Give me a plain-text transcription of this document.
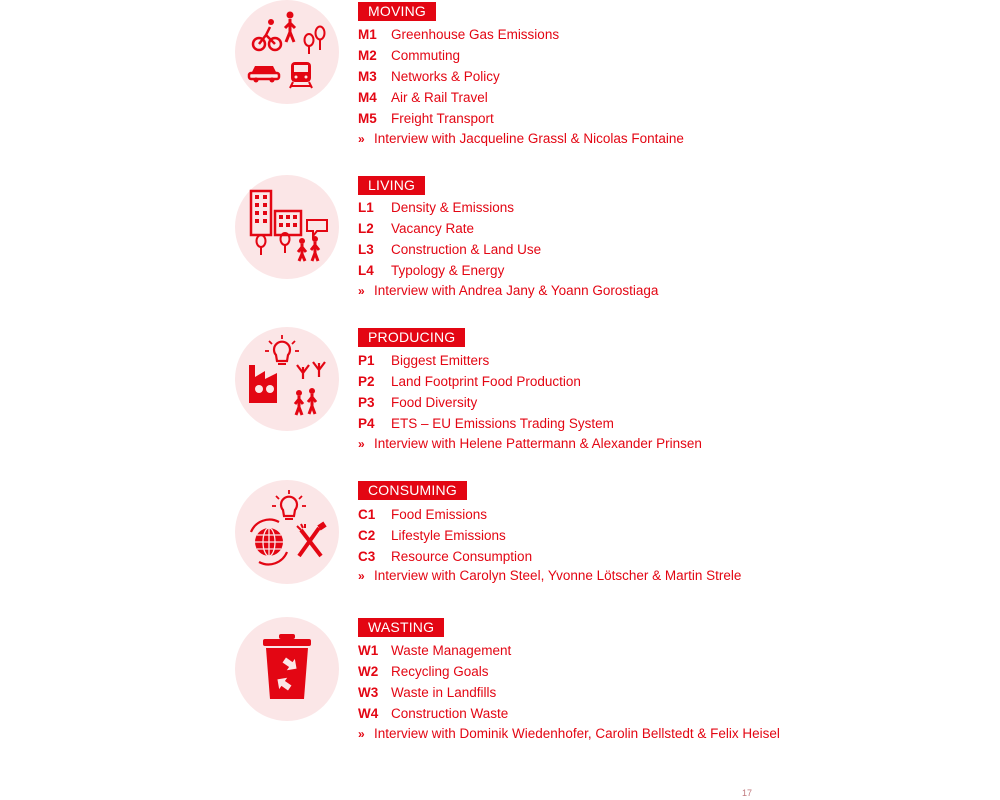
MOVING
M1 Greenhouse Gas Emissions
M2 Commuting
M3 Networks & Policy
M4 Air & Rail Travel
M5 Freight Transport
» Interview with Jacqueline Grassl & Nicolas Fontaine
LIVING
L1 Density & Emissions
L2 Vacancy Rate
L3 Construction & Land Use
L4 Typology & Energy
» Interview with Andrea Jany & Yoann Gorostiaga
PRODUCING
P1 Biggest Emitters
P2 Land Footprint Food Production
P3 Food Diversity
P4 ETS – EU Emissions Trading System
» Interview with Helene Pattermann & Alexander Prinsen
CONSUMING
C1 Food Emissions
C2 Lifestyle Emissions
C3 Resource Consumption
» Interview with Carolyn Steel, Yvonne Lötscher & Martin Strele
WASTING
W1 Waste Management
W2 Recycling Goals
W3 Waste in Landfills
W4 Construction Waste
» Interview with Dominik Wiedenhofer, Carolin Bellstedt & Felix Heisel
17
